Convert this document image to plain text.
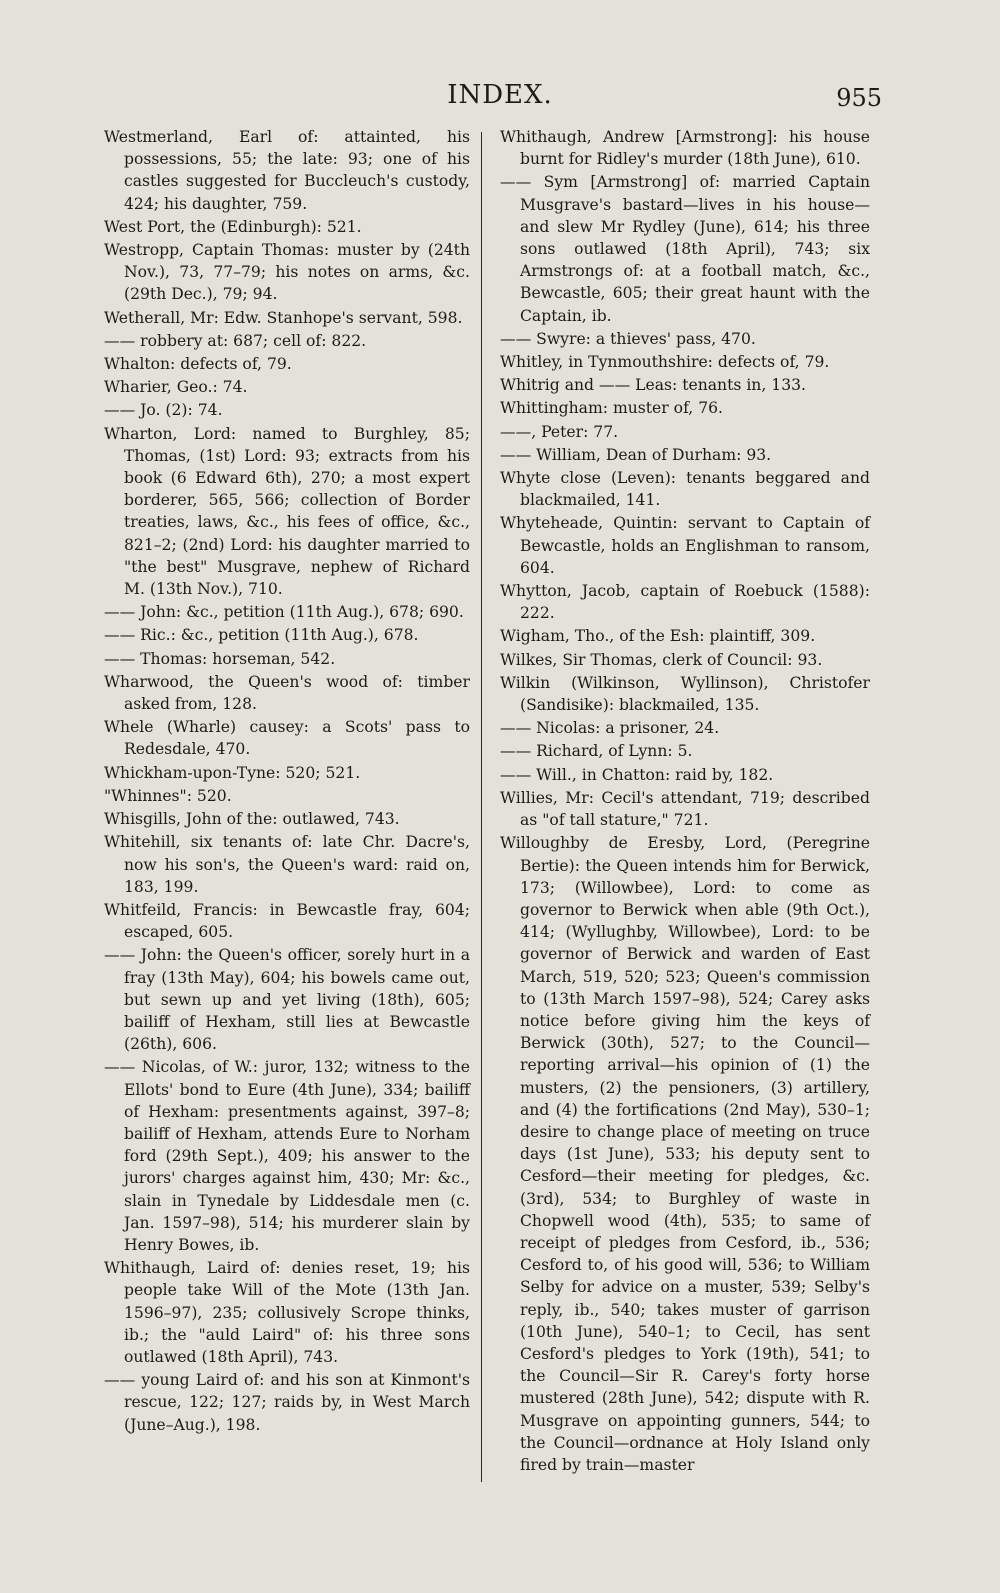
INDEX.	955

Westmerland, Earl of: attainted, his possessions, 55; the late: 93; one of his castles suggested for Buccleuch's custody, 424; his daughter, 759.

West Port, the (Edinburgh): 521.

Westropp, Captain Thomas: muster by (24th Nov.), 73, 77–79; his notes on arms, &c. (29th Dec.), 79; 94.

Wetherall, Mr: Edw. Stanhope's servant, 598.

—— robbery at: 687; cell of: 822.

Whalton: defects of, 79.

Wharier, Geo.: 74.

—— Jo. (2): 74.

Wharton, Lord: named to Burghley, 85; Thomas, (1st) Lord: 93; extracts from his book (6 Edward 6th), 270; a most expert borderer, 565, 566; collection of Border treaties, laws, &c., his fees of office, &c., 821–2; (2nd) Lord: his daughter married to "the best" Musgrave, nephew of Richard M. (13th Nov.), 710.

—— John: &c., petition (11th Aug.), 678; 690.

—— Ric.: &c., petition (11th Aug.), 678.

—— Thomas: horseman, 542.

Wharwood, the Queen's wood of: timber asked from, 128.

Whele (Wharle) causey: a Scots' pass to Redesdale, 470.

Whickham-upon-Tyne: 520; 521.

"Whinnes": 520.

Whisgills, John of the: outlawed, 743.

Whitehill, six tenants of: late Chr. Dacre's, now his son's, the Queen's ward: raid on, 183, 199.

Whitfeild, Francis: in Bewcastle fray, 604; escaped, 605.

—— John: the Queen's officer, sorely hurt in a fray (13th May), 604; his bowels came out, but sewn up and yet living (18th), 605; bailiff of Hexham, still lies at Bewcastle (26th), 606.

—— Nicolas, of W.: juror, 132; witness to the Ellots' bond to Eure (4th June), 334; bailiff of Hexham: presentments against, 397–8; bailiff of Hexham, attends Eure to Norham ford (29th Sept.), 409; his answer to the jurors' charges against him, 430; Mr: &c., slain in Tynedale by Liddesdale men (c. Jan. 1597–98), 514; his murderer slain by Henry Bowes, ib.

Whithaugh, Laird of: denies reset, 19; his people take Will of the Mote (13th Jan. 1596–97), 235; collusively Scrope thinks, ib.; the "auld Laird" of: his three sons outlawed (18th April), 743.

—— young Laird of: and his son at Kinmont's rescue, 122; 127; raids by, in West March (June–Aug.), 198.

Whithaugh, Andrew [Armstrong]: his house burnt for Ridley's murder (18th June), 610.

—— Sym [Armstrong] of: married Captain Musgrave's bastard—lives in his house—and slew Mr Rydley (June), 614; his three sons outlawed (18th April), 743; six Armstrongs of: at a football match, &c., Bewcastle, 605; their great haunt with the Captain, ib.

—— Swyre: a thieves' pass, 470.

Whitley, in Tynmouthshire: defects of, 79.

Whitrig and —— Leas: tenants in, 133.

Whittingham: muster of, 76.

——, Peter: 77.

—— William, Dean of Durham: 93.

Whyte close (Leven): tenants beggared and blackmailed, 141.

Whyteheade, Quintin: servant to Captain of Bewcastle, holds an Englishman to ransom, 604.

Whytton, Jacob, captain of Roebuck (1588): 222.

Wigham, Tho., of the Esh: plaintiff, 309.

Wilkes, Sir Thomas, clerk of Council: 93.

Wilkin (Wilkinson, Wyllinson), Christofer (Sandisike): blackmailed, 135.

—— Nicolas: a prisoner, 24.

—— Richard, of Lynn: 5.

—— Will., in Chatton: raid by, 182.

Willies, Mr: Cecil's attendant, 719; described as "of tall stature," 721.

Willoughby de Eresby, Lord, (Peregrine Bertie): the Queen intends him for Berwick, 173; (Willowbee), Lord: to come as governor to Berwick when able (9th Oct.), 414; (Wyllughby, Willowbee), Lord: to be governor of Berwick and warden of East March, 519, 520; 523; Queen's commission to (13th March 1597–98), 524; Carey asks notice before giving him the keys of Berwick (30th), 527; to the Council—reporting arrival—his opinion of (1) the musters, (2) the pensioners, (3) artillery, and (4) the fortifications (2nd May), 530–1; desire to change place of meeting on truce days (1st June), 533; his deputy sent to Cesford—their meeting for pledges, &c. (3rd), 534; to Burghley of waste in Chopwell wood (4th), 535; to same of receipt of pledges from Cesford, ib., 536; Cesford to, of his good will, 536; to William Selby for advice on a muster, 539; Selby's reply, ib., 540; takes muster of garrison (10th June), 540–1; to Cecil, has sent Cesford's pledges to York (19th), 541; to the Council—Sir R. Carey's forty horse mustered (28th June), 542; dispute with R. Musgrave on appointing gunners, 544; to the Council—ordnance at Holy Island only fired by train—master
